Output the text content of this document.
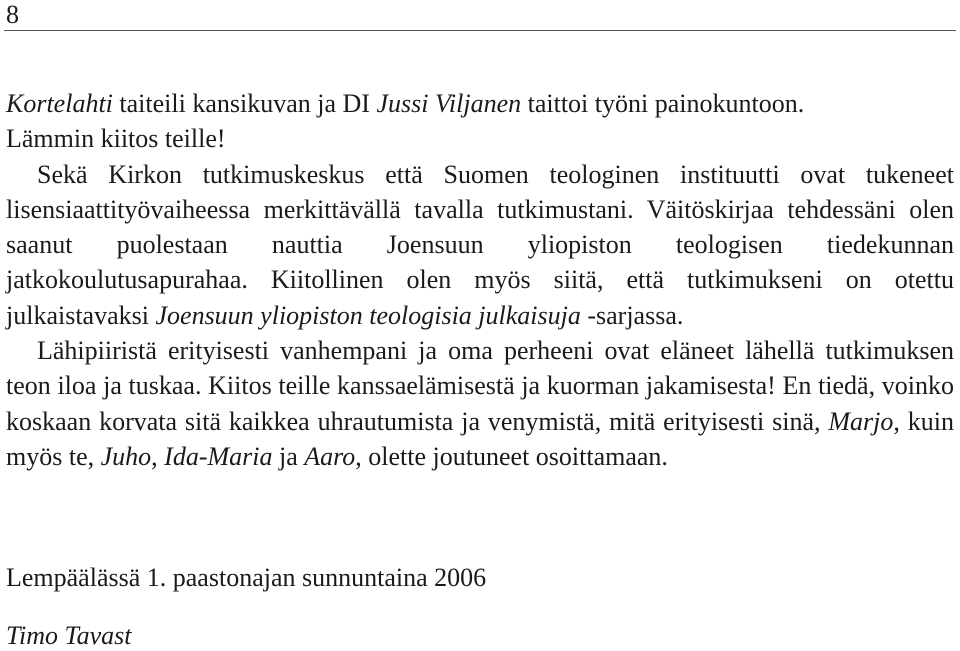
8

Kortelahti taiteili kansikuvan ja DI Jussi Viljanen taittoi työni painokuntoon.
Lämmin kiitos teille!

Sekä Kirkon tutkimuskeskus että Suomen teologinen instituutti ovat tukeneet lisensiaattityövaiheessa merkittävällä tavalla tutkimustani. Väitöskirjaa tehdessäni olen saanut puolestaan nauttia Joensuun yliopiston teologisen tiedekunnan jatkokoulutusapurahaa. Kiitollinen olen myös siitä, että tutkimukseni on otettu julkaistavaksi Joensuun yliopiston teologisia julkaisuja -sarjassa.

Lähipiiristä erityisesti vanhempani ja oma perheeni ovat eläneet lähellä tutkimuksen teon iloa ja tuskaa. Kiitos teille kanssaelämisestä ja kuorman jakamisesta! En tiedä, voinko koskaan korvata sitä kaikkea uhrautumista ja venymistä, mitä erityisesti sinä, Marjo, kuin myös te, Juho, Ida-Maria ja Aaro, olette joutuneet osoittamaan.

Lempäälässä 1. paastonajan sunnuntaina 2006
Timo Tavast
